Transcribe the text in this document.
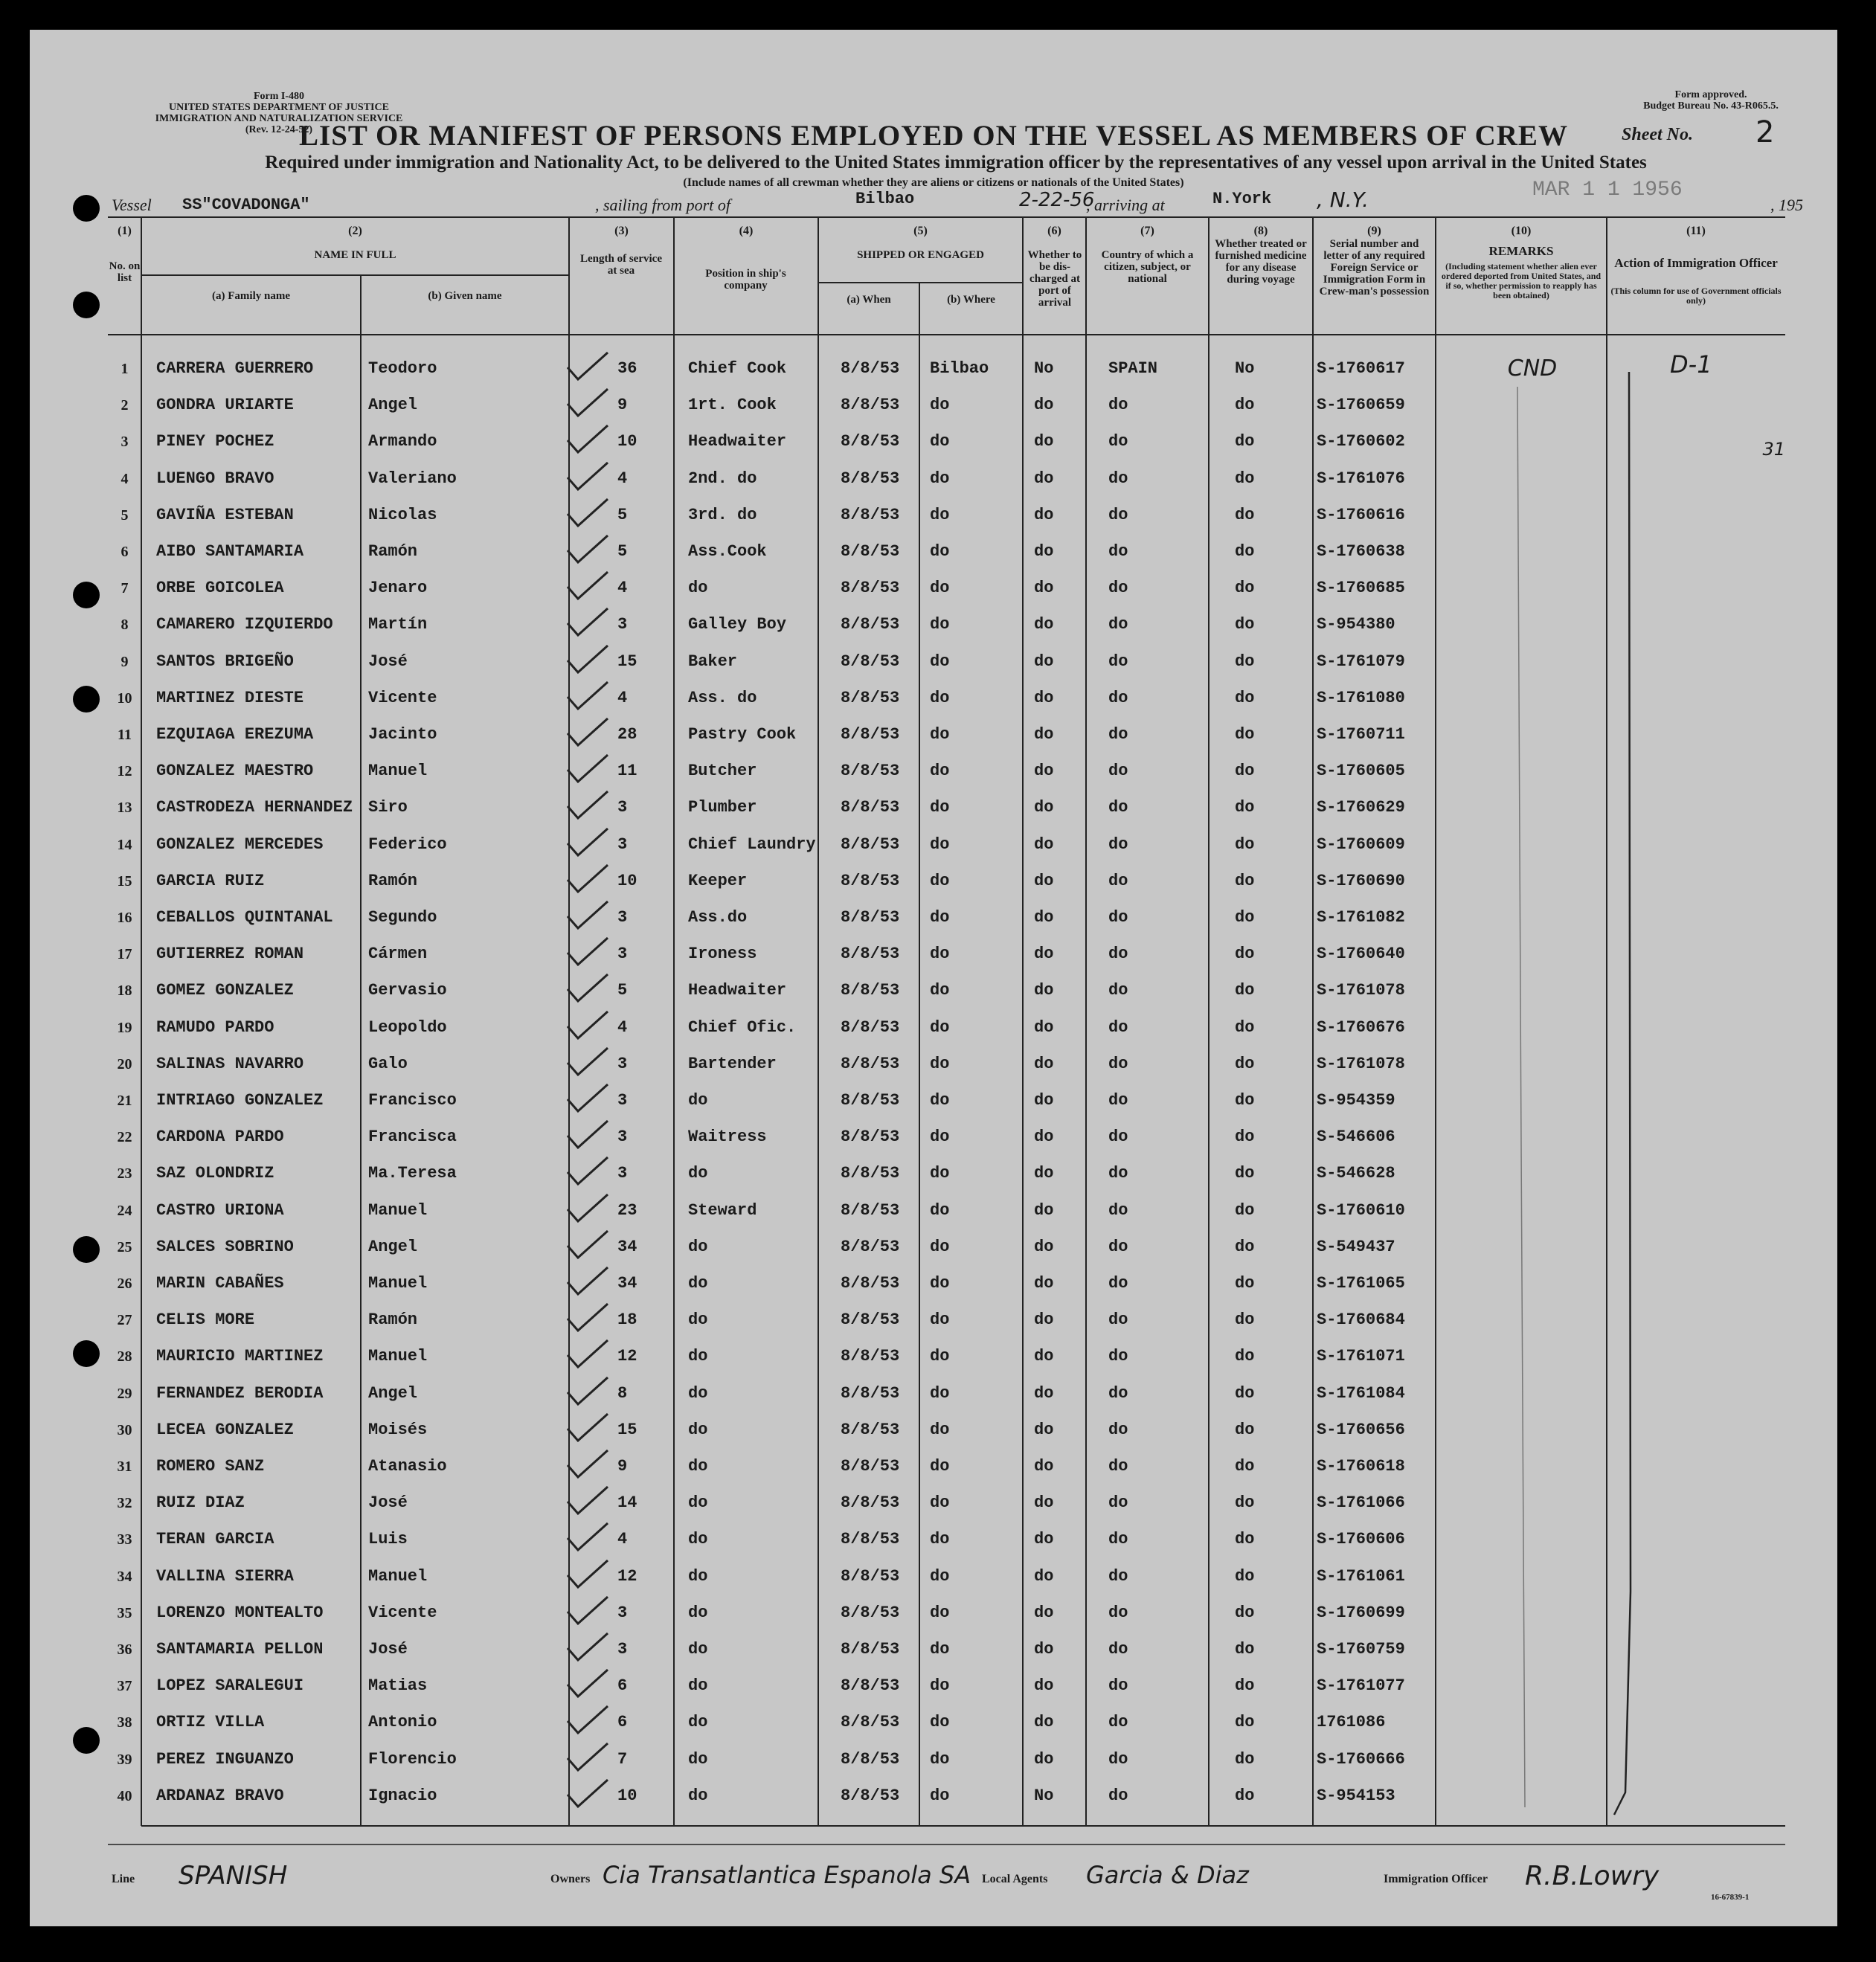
Form I-480
UNITED STATES DEPARTMENT OF JUSTICE
IMMIGRATION AND NATURALIZATION SERVICE
(Rev. 12-24-52)
Form approved.
Budget Bureau No. 43-R065.5.
LIST OR MANIFEST OF PERSONS EMPLOYED ON THE VESSEL AS MEMBERS OF CREW	Sheet No. 2
Required under immigration and Nationality Act, to be delivered to the United States immigration officer by the representatives of any vessel upon arrival in the United States
(Include names of all crewman whether they are aliens or citizens or nationals of the United States)
Vessel SS"COVADONGA"	, sailing from port of	Bilbao	2-22-56
, arriving at	N.York , N.Y.	MAR 1 1 1956
, 195
(1)
No. on list
(2)
NAME IN FULL
(a) Family name	(b) Given name
(3)
Length of service at sea
(4)
Position in ship's company
(5)
SHIPPED OR ENGAGED
(a) When	(b) Where
(6)
Whether to be dis-charged at port of arrival
(7)
Country of which a citizen, subject, or national
(8)
Whether treated or furnished medicine for any disease during voyage
(9)
Serial number and letter of any required Foreign Service or Immigration Form in Crew-man's possession
(10)
REMARKS
(Including statement whether alien ever ordered deported from United States, and if so, whether permission to reapply has been obtained)
(11)
Action of Immigration Officer
(This column for use of Government officials only)
1	CARRERA GUERRERO	Teodoro	36	Chief Cook	8/8/53	Bilbao	No	SPAIN	No	S-1760617	CND	D-1
2	GONDRA URIARTE	Angel	9	1rt. Cook	8/8/53	do	do	do	do	S-1760659
3	PINEY POCHEZ	Armando	10	Headwaiter	8/8/53	do	do	do	do	S-1760602	31
4	LUENGO BRAVO	Valeriano	4	2nd. do	8/8/53	do	do	do	do	S-1761076
5	GAVIÑA ESTEBAN	Nicolas	5	3rd. do	8/8/53	do	do	do	do	S-1760616
6	AIBO SANTAMARIA	Ramón	5	Ass.Cook	8/8/53	do	do	do	do	S-1760638
7	ORBE GOICOLEA	Jenaro	4	do	8/8/53	do	do	do	do	S-1760685
8	CAMARERO IZQUIERDO	Martín	3	Galley Boy	8/8/53	do	do	do	do	S-954380
9	SANTOS BRIGEÑO	José	15	Baker	8/8/53	do	do	do	do	S-1761079
10	MARTINEZ DIESTE	Vicente	4	Ass. do	8/8/53	do	do	do	do	S-1761080
11	EZQUIAGA EREZUMA	Jacinto	28	Pastry Cook	8/8/53	do	do	do	do	S-1760711
12	GONZALEZ MAESTRO	Manuel	11	Butcher	8/8/53	do	do	do	do	S-1760605
13	CASTRODEZA HERNANDEZ Siro	3	Plumber	8/8/53	do	do	do	do	S-1760629
14	GONZALEZ MERCEDES	Federico	3	Chief Laundry	8/8/53	do	do	do	do	S-1760609
15	GARCIA RUIZ	Ramón	10	Keeper	8/8/53	do	do	do	do	S-1760690
16	CEBALLOS QUINTANAL	Segundo	3	Ass.do	8/8/53	do	do	do	do	S-1761082
17	GUTIERREZ ROMAN	Cármen	3	Ironess	8/8/53	do	do	do	do	S-1760640
18	GOMEZ GONZALEZ	Gervasio	5	Headwaiter	8/8/53	do	do	do	do	S-1761078
19	RAMUDO PARDO	Leopoldo	4	Chief Ofic.	8/8/53	do	do	do	do	S-1760676
20	SALINAS NAVARRO	Galo	3	Bartender	8/8/53	do	do	do	do	S-1761078
21	INTRIAGO GONZALEZ	Francisco	3	do	8/8/53	do	do	do	do	S-954359
22	CARDONA PARDO	Francisca	3	Waitress	8/8/53	do	do	do	do	S-546606
23	SAZ OLONDRIZ	Ma.Teresa	3	do	8/8/53	do	do	do	do	S-546628
24	CASTRO URIONA	Manuel	23	Steward	8/8/53	do	do	do	do	S-1760610
25	SALCES SOBRINO	Angel	34	do	8/8/53	do	do	do	do	S-549437
26	MARIN CABAÑES	Manuel	34	do	8/8/53	do	do	do	do	S-1761065
27	CELIS MORE	Ramón	18	do	8/8/53	do	do	do	do	S-1760684
28	MAURICIO MARTINEZ	Manuel	12	do	8/8/53	do	do	do	do	S-1761071
29	FERNANDEZ BERODIA	Angel	8	do	8/8/53	do	do	do	do	S-1761084
30	LECEA GONZALEZ	Moisés	15	do	8/8/53	do	do	do	do	S-1760656
31	ROMERO SANZ	Atanasio	9	do	8/8/53	do	do	do	do	S-1760618
32	RUIZ DIAZ	José	14	do	8/8/53	do	do	do	do	S-1761066
33	TERAN GARCIA	Luis	4	do	8/8/53	do	do	do	do	S-1760606
34	VALLINA SIERRA	Manuel	12	do	8/8/53	do	do	do	do	S-1761061
35	LORENZO MONTEALTO	Vicente	3	do	8/8/53	do	do	do	do	S-1760699
36	SANTAMARIA PELLON	José	3	do	8/8/53	do	do	do	do	S-1760759
37	LOPEZ SARALEGUI	Matias	6	do	8/8/53	do	do	do	do	S-1761077
38	ORTIZ VILLA	Antonio	6	do	8/8/53	do	do	do	do	1761086
39	PEREZ INGUANZO	Florencio	7	do	8/8/53	do	do	do	do	S-1760666
40	ARDANAZ BRAVO	Ignacio	10	do	8/8/53	do	No	do	do	S-954153
Line SPANISH	Owners Cia Transatlantica Espanola SA Local Agents Garcia & Diaz	Immigration Officer R.B.Lowry
16-67839-1
